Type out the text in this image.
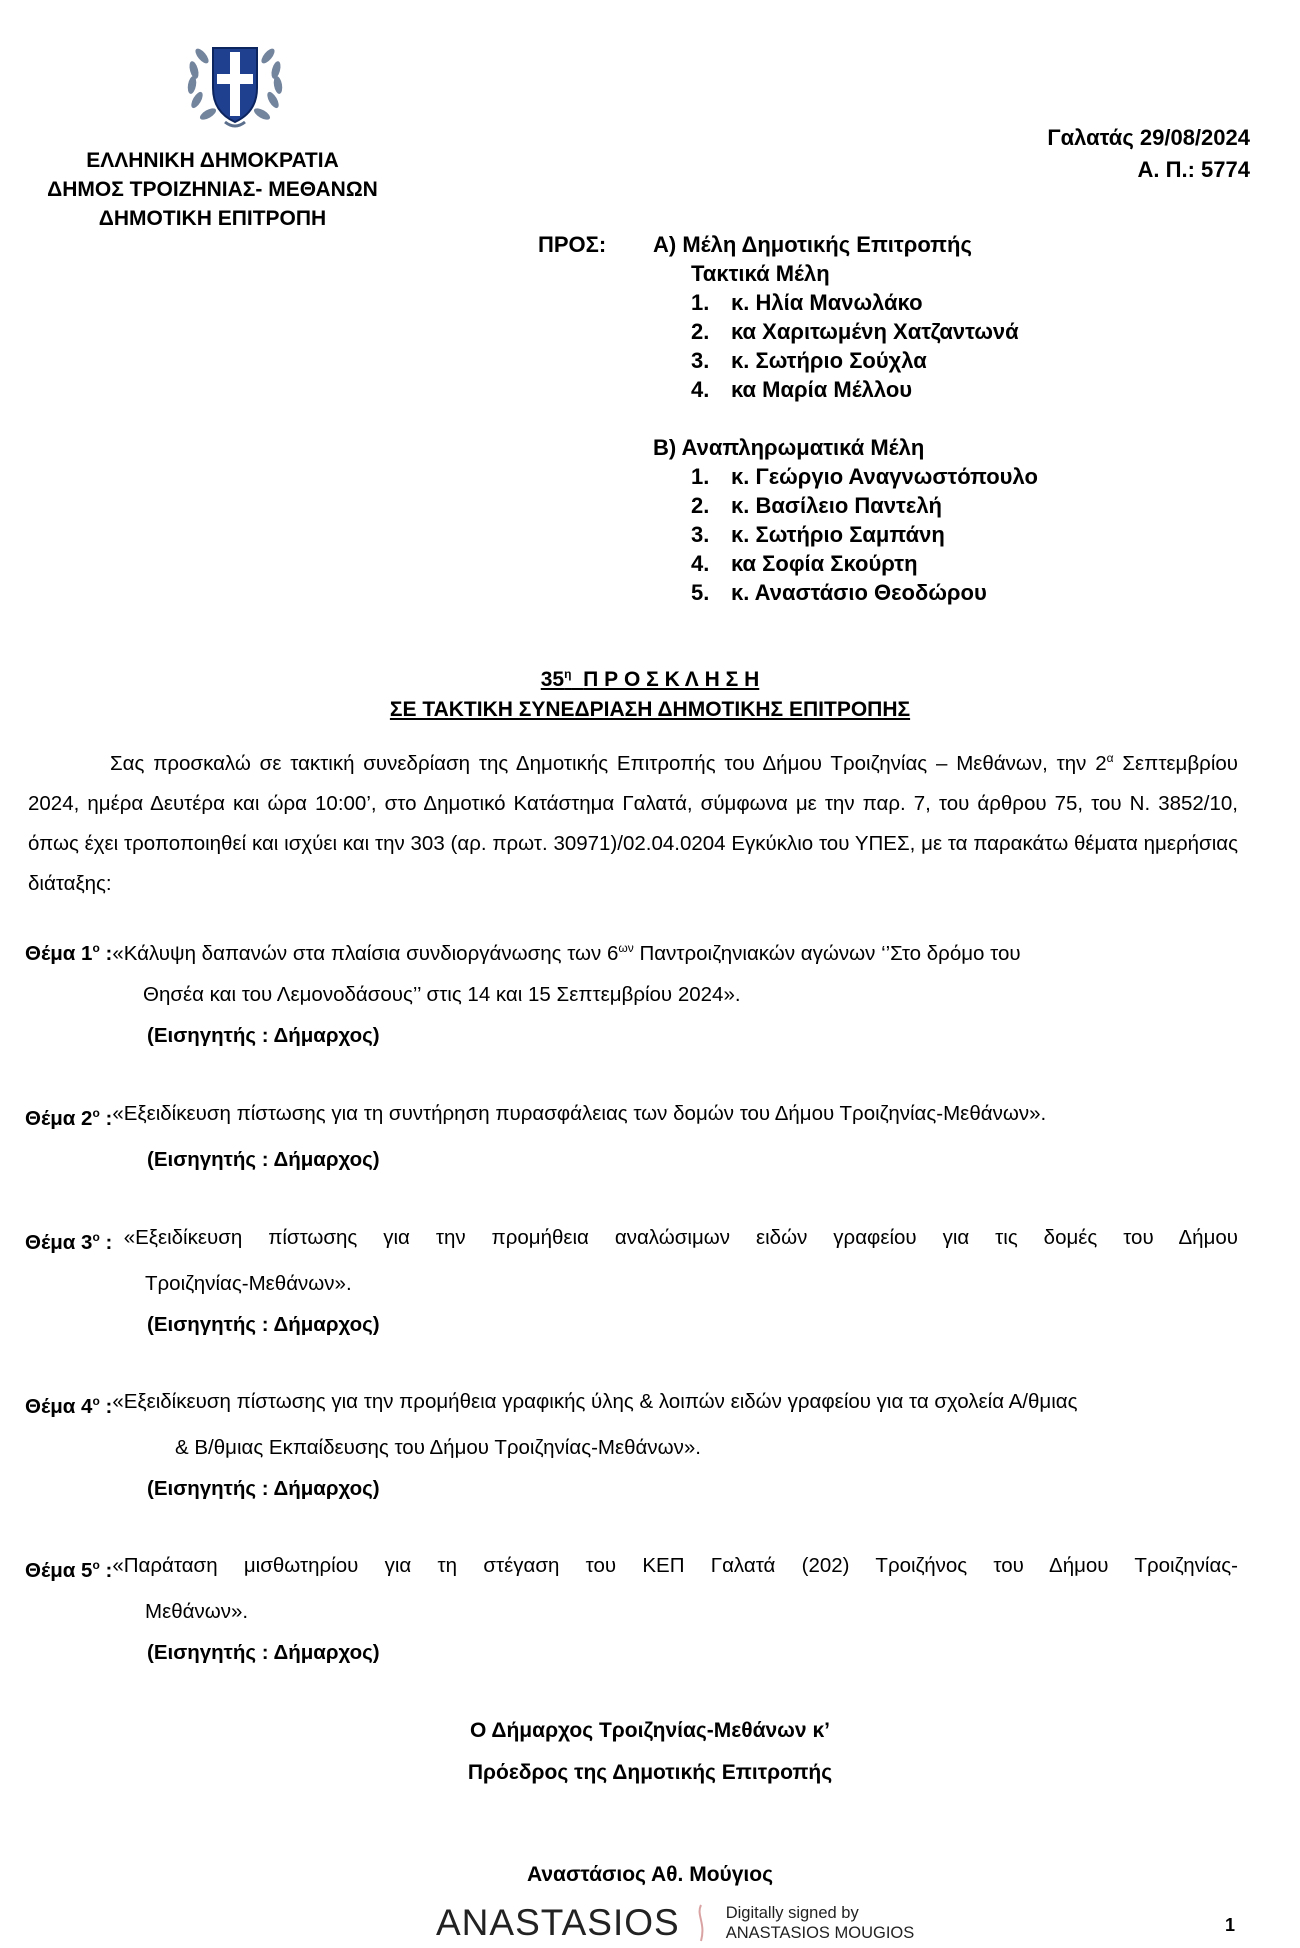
ΕΛΛΗΝΙΚΗ ΔΗΜΟΚΡΑΤΙΑ
ΔΗΜΟΣ ΤΡΟΙΖΗΝΙΑΣ- ΜΕΘΑΝΩΝ
ΔΗΜΟΤΙΚΗ ΕΠΙΤΡΟΠΗ
Γαλατάς 29/08/2024
Α. Π.: 5774
ΠΡΟΣ: Α) Μέλη Δημοτικής Επιτροπής
Τακτικά Μέλη
1. κ. Ηλία Μανωλάκο
2. κα Χαριτωμένη Χατζαντωνά
3. κ. Σωτήριο Σούχλα
4. κα Μαρία Μέλλου
Β) Αναπληρωματικά Μέλη
1. κ. Γεώργιο Αναγνωστόπουλο
2. κ. Βασίλειο Παντελή
3. κ. Σωτήριο Σαμπάνη
4. κα Σοφία Σκούρτη
5. κ. Αναστάσιο Θεοδώρου
$35^\eta$ Π Ρ Ο Σ Κ Λ Η Σ Η
ΣΕ ΤΑΚΤΙΚΗ ΣΥΝΕΔΡΙΑΣΗ ΔΗΜΟΤΙΚΗΣ ΕΠΙΤΡΟΠΗΣ

Σας προσκαλώ σε τακτική συνεδρίαση της Δημοτικής Επιτροπής του Δήμου Τροιζηνίας – Μεθάνων, την $2^\alpha$ Σεπτεμβρίου 2024, ημέρα Δευτέρα και ώρα 10:00’, στο Δημοτικό Κατάστημα Γαλατά, σύμφωνα με την παρ. 7, του άρθρου 75, του Ν. 3852/10, όπως έχει τροποποιηθεί και ισχύει και την 303 (αρ. πρωτ. 30971)/02.04.0204 Εγκύκλιο του ΥΠΕΣ, με τα παρακάτω θέματα ημερήσιας διάταξης:

Θέμα $1^o$ : «Κάλυψη δαπανών στα πλαίσια συνδιοργάνωσης των $6^{\omega\nu}$ Παντροιζηνιακών αγώνων ‘’Στο δρόμο του
Θησέα και του Λεμονοδάσους’’ στις 14 και 15 Σεπτεμβρίου 2024».
(Εισηγητής : Δήμαρχος)
Θέμα $2^o$ : «Εξειδίκευση πίστωσης για τη συντήρηση πυρασφάλειας των δομών του Δήμου Τροιζηνίας-Μεθάνων».
(Εισηγητής : Δήμαρχος)
Θέμα $3^o$ : «Εξειδίκευση πίστωσης για την προμήθεια αναλώσιμων ειδών γραφείου για τις δομές του Δήμου
Τροιζηνίας-Μεθάνων».
(Εισηγητής : Δήμαρχος)
Θέμα $4^o$ : «Εξειδίκευση πίστωσης για την προμήθεια γραφικής ύλης & λοιπών ειδών γραφείου για τα σχολεία Α/θμιας
& Β/θμιας Εκπαίδευσης του Δήμου Τροιζηνίας-Μεθάνων».
(Εισηγητής : Δήμαρχος)
Θέμα $5^o$ : «Παράταση μισθωτηρίου για τη στέγαση του ΚΕΠ Γαλατά (202) Τροιζήνος του Δήμου Τροιζηνίας-
Μεθάνων».
(Εισηγητής : Δήμαρχος)
Ο Δήμαρχος Τροιζηνίας-Μεθάνων κ’
Πρόεδρος της Δημοτικής Επιτροπής
Αναστάσιος Αθ. Μούγιος
ANASTASIOS	Digitally signed by
ANASTASIOS MOUGIOS	1
